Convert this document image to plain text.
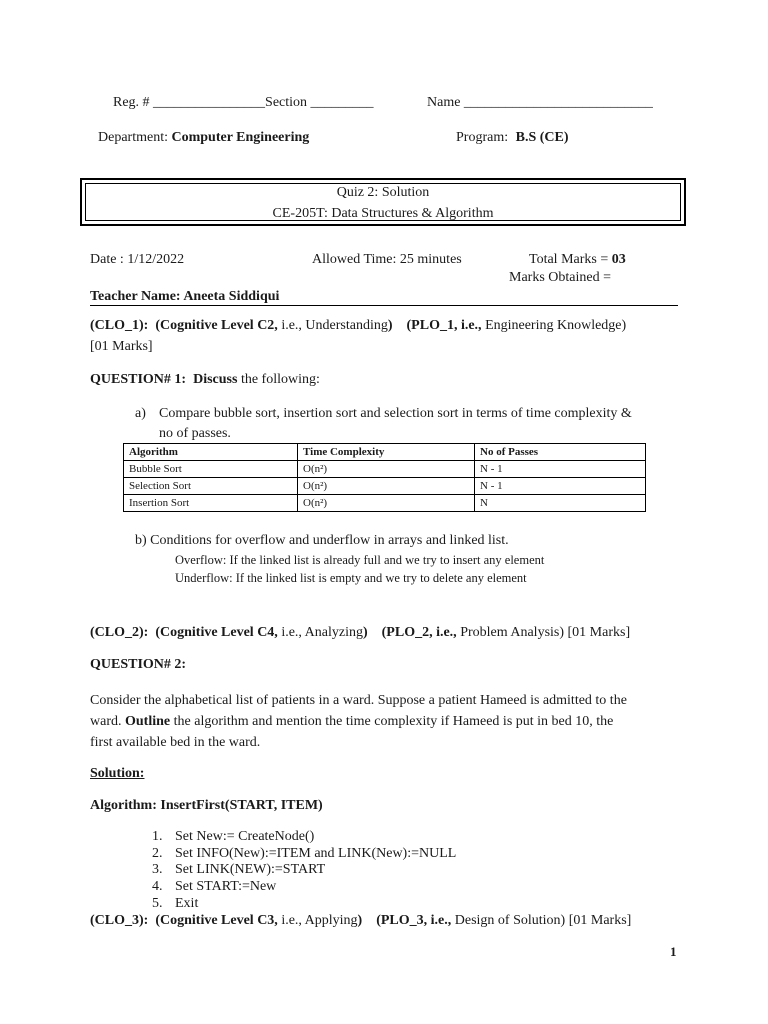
Reg. # ________________Section _________	Name ___________________________
Department: Computer Engineering	Program: B.S (CE)
Quiz 2: Solution
CE-205T: Data Structures & Algorithm
Date : 1/12/2022	Allowed Time: 25 minutes	Total Marks = 03
Marks Obtained =
Teacher Name: Aneeta Siddiqui
(CLO_1): (Cognitive Level C2, i.e., Understanding) (PLO_1, i.e., Engineering Knowledge)
[01 Marks]
QUESTION# 1: Discuss the following:
a) Compare bubble sort, insertion sort and selection sort in terms of time complexity &
no of passes.
Algorithm	Time Complexity	No of Passes
Bubble Sort	O(n²)	N - 1
Selection Sort	O(n²)	N - 1
Insertion Sort	O(n²)	N
b) Conditions for overflow and underflow in arrays and linked list.
Overflow: If the linked list is already full and we try to insert any element
Underflow: If the linked list is empty and we try to delete any element
(CLO_2): (Cognitive Level C4, i.e., Analyzing) (PLO_2, i.e., Problem Analysis) [01 Marks]
QUESTION# 2:
Consider the alphabetical list of patients in a ward. Suppose a patient Hameed is admitted to the
ward. Outline the algorithm and mention the time complexity if Hameed is put in bed 10, the
first available bed in the ward.
Solution:
Algorithm: InsertFirst(START, ITEM)
1. Set New:= CreateNode()
2. Set INFO(New):=ITEM and LINK(New):=NULL
3. Set LINK(NEW):=START
4. Set START:=New
5. Exit
(CLO_3): (Cognitive Level C3, i.e., Applying) (PLO_3, i.e., Design of Solution) [01 Marks]
1
